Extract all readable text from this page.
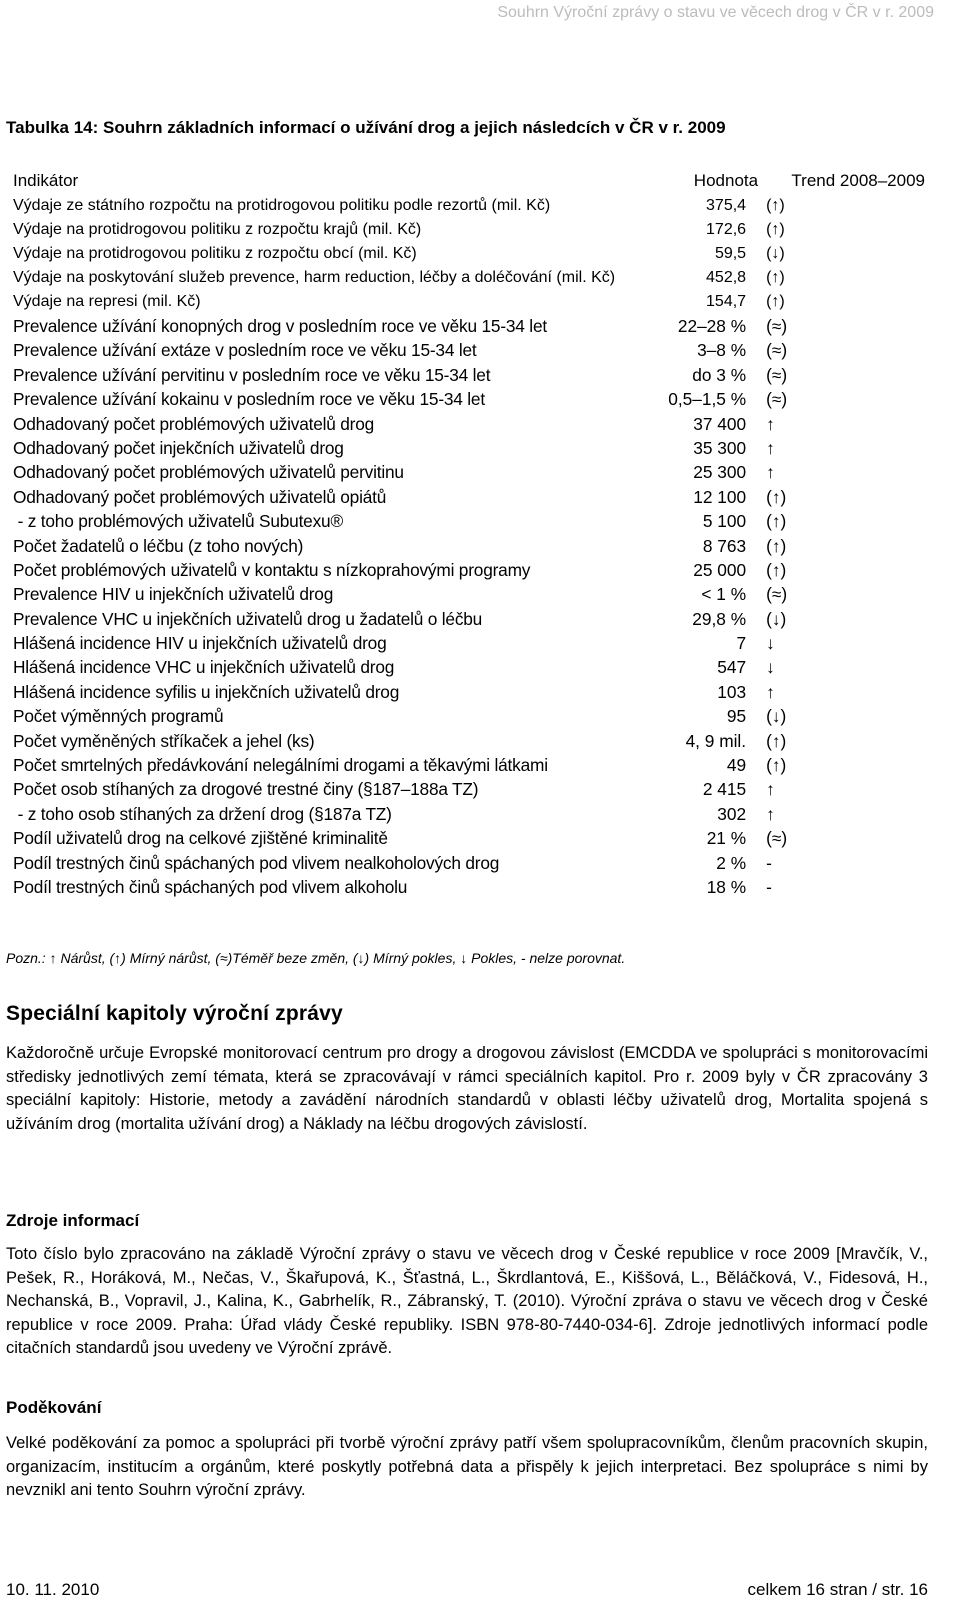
Souhrn Výroční zprávy o stavu ve věcech drog v ČR v r. 2009
Tabulka 14: Souhrn základních informací o užívání drog a jejich následcích v ČR v r. 2009
Indikátor	Hodnota	Trend 2008–2009
Výdaje ze státního rozpočtu na protidrogovou politiku podle rezortů (mil. Kč)	375,4	(↑)
Výdaje na protidrogovou politiku z rozpočtu krajů (mil. Kč)	172,6	(↑)
Výdaje na protidrogovou politiku z rozpočtu obcí (mil. Kč)	59,5	(↓)
Výdaje na poskytování služeb prevence, harm reduction, léčby a doléčování (mil. Kč)	452,8	(↑)
Výdaje na represi (mil. Kč)	154,7	(↑)
Prevalence užívání konopných drog v posledním roce ve věku 15-34 let	22–28 %	(≈)
Prevalence užívání extáze v posledním roce ve věku 15-34 let	3–8 %	(≈)
Prevalence užívání pervitinu v posledním roce ve věku 15-34 let	do 3 %	(≈)
Prevalence užívání kokainu v posledním roce ve věku 15-34 let	0,5–1,5 %	(≈)
Odhadovaný počet problémových uživatelů drog	37 400	↑
Odhadovaný počet injekčních uživatelů drog	35 300	↑
Odhadovaný počet problémových uživatelů pervitinu	25 300	↑
Odhadovaný počet problémových uživatelů opiátů	12 100	(↑)
- z toho problémových uživatelů Subutexu®	5 100	(↑)
Počet žadatelů o léčbu (z toho nových)	8 763	(↑)
Počet problémových uživatelů v kontaktu s nízkoprahovými programy	25 000	(↑)
Prevalence HIV u injekčních uživatelů drog	< 1 %	(≈)
Prevalence VHC u injekčních uživatelů drog u žadatelů o léčbu	29,8 %	(↓)
Hlášená incidence HIV u injekčních uživatelů drog	7	↓
Hlášená incidence VHC u injekčních uživatelů drog	547	↓
Hlášená incidence syfilis u injekčních uživatelů drog	103	↑
Počet výměnných programů	95	(↓)
Počet vyměněných stříkaček a jehel (ks)	4, 9 mil.	(↑)
Počet smrtelných předávkování nelegálními drogami a těkavými látkami	49	(↑)
Počet osob stíhaných za drogové trestné činy (§187–188a TZ)	2 415	↑
- z toho osob stíhaných za držení drog (§187a TZ)	302	↑
Podíl uživatelů drog na celkové zjištěné kriminalitě	21 %	(≈)
Podíl trestných činů spáchaných pod vlivem nealkoholových drog	2 %	-
Podíl trestných činů spáchaných pod vlivem alkoholu	18 %	-
Pozn.: ↑ Nárůst, (↑) Mírný nárůst, (≈)Téměř beze změn, (↓) Mírný pokles, ↓ Pokles, - nelze porovnat.
Speciální kapitoly výroční zprávy

Každoročně určuje Evropské monitorovací centrum pro drogy a drogovou závislost (EMCDDA ve spolupráci s monitorovacími středisky jednotlivých zemí témata, která se zpracovávají v rámci speciálních kapitol. Pro r. 2009 byly v ČR zpracovány 3 speciální kapitoly: Historie, metody a zavádění národních standardů v oblasti léčby uživatelů drog, Mortalita spojená s užíváním drog (mortalita užívání drog) a Náklady na léčbu drogových závislostí.

Zdroje informací

Toto číslo bylo zpracováno na základě Výroční zprávy o stavu ve věcech drog v České republice v roce 2009 [Mravčík, V., Pešek, R., Horáková, M., Nečas, V., Škařupová, K., Šťastná, L., Škrdlantová, E., Kiššová, L., Běláčková, V., Fidesová, H., Nechanská, B., Vopravil, J., Kalina, K., Gabrhelík, R., Zábranský, T. (2010). Výroční zpráva o stavu ve věcech drog v České republice v roce 2009. Praha: Úřad vlády České republiky. ISBN 978-80-7440-034-6]. Zdroje jednotlivých informací podle citačních standardů jsou uvedeny ve Výroční zprávě.

Poděkování

Velké poděkování za pomoc a spolupráci při tvorbě výroční zprávy patří všem spolupracovníkům, členům pracovních skupin, organizacím, institucím a orgánům, které poskytly potřebná data a přispěly k jejich interpretaci. Bez spolupráce s nimi by nevznikl ani tento Souhrn výroční zprávy.

10. 11. 2010	celkem 16 stran / str. 16
